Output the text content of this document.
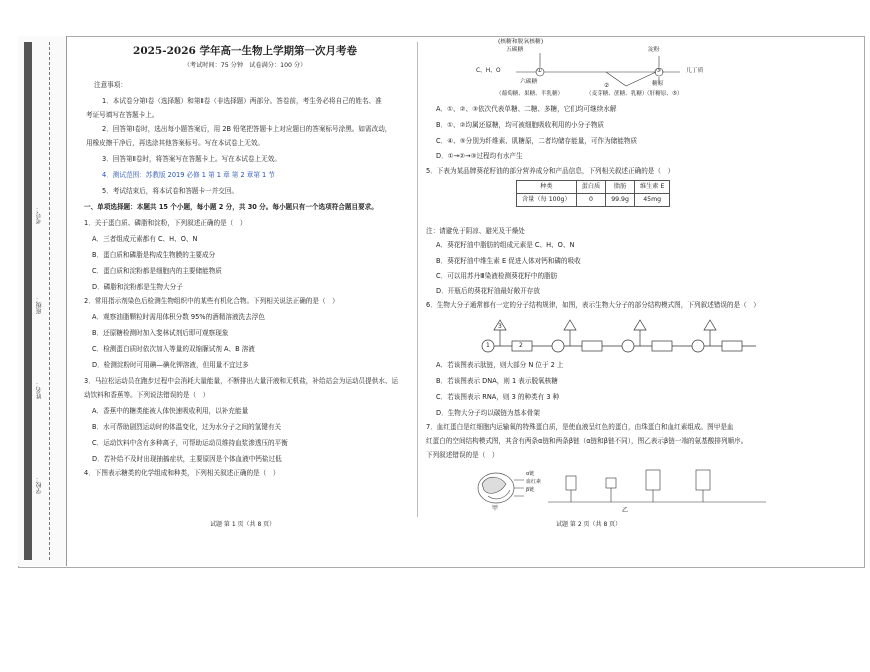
学校：
姓名：
班级：
考号：
2025-2026 学年高一生物上学期第一次月考卷
（考试时间：75 分钟　试卷满分：100 分）
注意事项：
1．本试卷分第Ⅰ卷（选择题）和第Ⅱ卷（非选择题）两部分。答卷前，考生务必将自己的姓名、准
考证号填写在答题卡上。
2．回答第Ⅰ卷时，选出每小题答案后，用 2B 铅笔把答题卡上对应题目的答案标号涂黑。如需改动，
用橡皮擦干净后，再选涂其他答案标号。写在本试卷上无效。
3．回答第Ⅱ卷时，将答案写在答题卡上。写在本试卷上无效。
4．测试范围：苏教版 2019 必修 1 第 1 章 第 2 章第 1 节
5．考试结束后，将本试卷和答题卡一并交回。
一、单项选择题：本题共 15 个小题，每小题 2 分，共 30 分。每小题只有一个选项符合题目要求。
1．关于蛋白质、磷脂和淀粉，下列叙述正确的是（　）
A．三者组成元素都有 C、H、O、N
B．蛋白质和磷脂是构成生物膜的主要成分
C．蛋白质和淀粉都是细胞内的主要储能物质
D．磷脂和淀粉都是生物大分子
2．常用指示剂染色后检测生物组织中的某些有机化合物。下列相关说法正确的是（　）
A．观察油脂颗粒时需用体积分数 95%的酒精溶液洗去浮色
B．还原糖检测时加入斐林试剂后即可观察现象
C．检测蛋白质时依次加入等量的双缩脲试剂 A、B 溶液
D．检测淀粉时可用碘—碘化钾溶液，但用量不宜过多
3．马拉松运动员在跑步过程中会消耗大量能量，不断排出大量汗液和无机盐，补给站会为运动员提供水、运
动饮料和香蕉等。下列说法错误的是（　）
A．香蕉中的糖类能被人体快速吸收利用，以补充能量
B．水可帮助剧烈运动时的体温变化，过为水分子之间的氢键有关
C．运动饮料中含有多种离子，可帮助运动员维持血浆渗透压的平衡
D．若补给不及时出现抽搐症状，主要原因是个体血液中钙盐过低
4．下图表示糖类的化学组成和种类，下列相关叙述正确的是（　）
试题 第 1 页（共 8 页）
(核糖和脱氧核糖)
五碳糖
C、H、O	①	③
②
六碳糖
（葡萄糖、果糖、半乳糖）	（麦芽糖、蔗糖、乳糖）
淀粉
几丁质
糖原
（肝糖原、⑤）
A．①、②、③依次代表单糖、二糖、多糖，它们均可继续水解
B．①、②均属还原糖，均可被细胞吸收利用的小分子物质
C．④、⑤分别为纤维素、肌糖原，二者均储存能量，可作为储能物质
D．①→②→③过程均有水产生
5．下表为某品牌葵花籽油的部分营养成分和产品信息，下列相关叙述正确的是（　）
种类	蛋白质	脂肪	维生素 E
含量（每 100g）	0	99.9g	45mg
注：请避免于阴凉、避光及干燥处
A．葵花籽油中脂肪的组成元素是 C、H、O、N
B．葵花籽油中维生素 E 促进人体对钙和磷的吸收
C．可以用苏丹Ⅲ染液检测葵花籽中的脂肪
D．开瓶后的葵花籽油最好敞开存放
6．生物大分子通常都有一定的分子结构规律，如图，表示生物大分子的部分结构模式图，下列叙述错误的是（　）
1	2
3
A．若该图表示肽链，则大部分 N 位于 2 上
B．若该图表示 DNA，则 1 表示脱氧核糖
C．若该图表示 RNA，则 3 的种类有 3 种
D．生物大分子均以碳链为基本骨架
7．血红蛋白是红细胞内运输氧的特殊蛋白质，是使血液呈红色的蛋白，由珠蛋白和血红素组成。图甲是血
红蛋白的空间结构模式图，其含有两条α链和两条β链（α链和β链不同），图乙表示β链一端的氨基酸排列顺序。
下列叙述错误的是（　）
α链
血红素
β链
甲	乙
试题 第 2 页（共 8 页）
